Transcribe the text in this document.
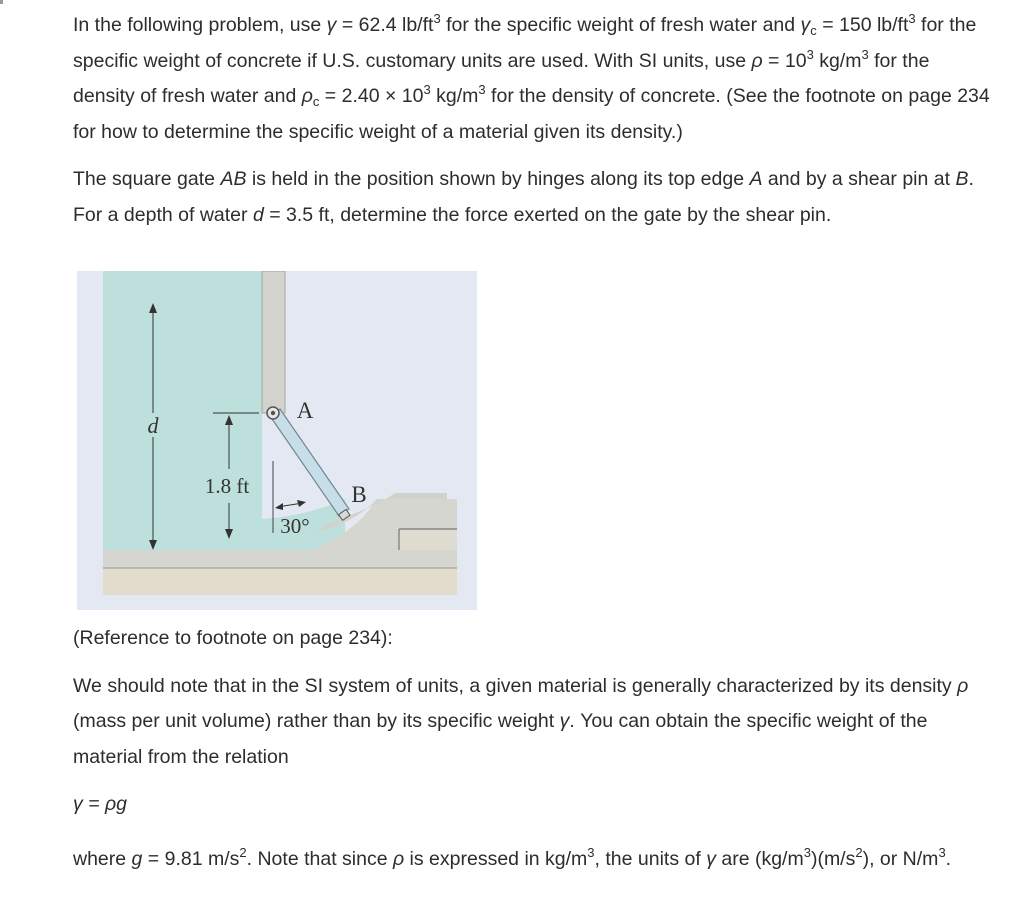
In the following problem, use γ = 62.4 $lb/ft^3$ for the specific weight of fresh water and $\gamma_c = 150$ $lb/ft^3$ for the specific weight of concrete if U.S. customary units are used. With SI units, use $\rho = 10^3$ $kg/m^3$ for the density of fresh water and $\rho_c = 2.40 \times 10^3$ $kg/m^3$ for the density of concrete. (See the footnote on page 234 for how to determine the specific weight of a material given its density.)

The square gate AB is held in the position shown by hinges along its top edge A and by a shear pin at B. For a depth of water d = 3.5 ft, determine the force exerted on the gate by the shear pin.

d
1.8 ft
30°
A
B

(Reference to footnote on page 234):

We should note that in the SI system of units, a given material is generally characterized by its density ρ (mass per unit volume) rather than by its specific weight γ. You can obtain the specific weight of the material from the relation

γ = ρg

where g = 9.81 $m/s^2$. Note that since ρ is expressed in $kg/m^3$, the units of γ are $(kg/m^3)(m/s^2)$, or $N/m^3$.
